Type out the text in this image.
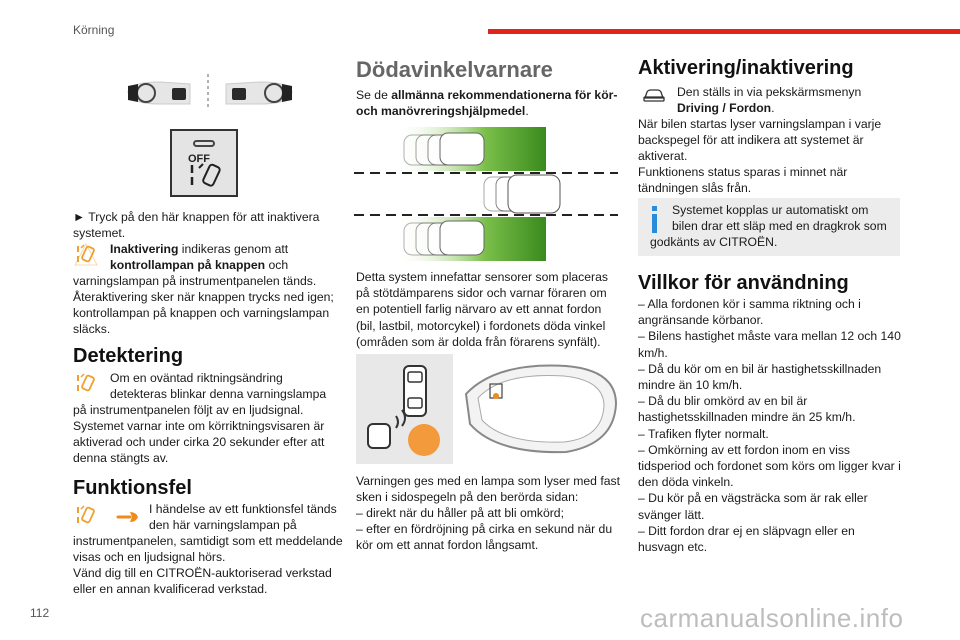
Körning
OFF

► Tryck på den här knappen för att inaktivera systemet.

Inaktivering indikeras genom att
kontrollampan på knappen och

varningslampan på instrumentpanelen tänds.

Återaktivering sker när knappen trycks ned igen; kontrollampan på knappen och varningslampan släcks.

Detektering

Om en oväntad riktningsändring

detekteras blinkar denna varningslampa

på instrumentpanelen följt av en ljudsignal.

Systemet varnar inte om körriktningsvisaren är aktiverad och under cirka 20 sekunder efter att denna stängts av.

Funktionsfel

I händelse av ett funktionsfel tänds

den här varningslampan på

instrumentpanelen, samtidigt som ett meddelande visas och en ljudsignal hörs.

Vänd dig till en CITROËN-auktoriserad verkstad eller en annan kvalificerad verkstad.

Dödavinkelvarnare
Se de allmänna rekommendationerna för kör- och manövreringshjälpmedel.

Detta system innefattar sensorer som placeras på stötdämparens sidor och varnar föraren om en potentiell farlig närvaro av ett annat fordon (bil, lastbil, motorcykel) i fordonets döda vinkel (områden som är dolda från förarens synfält).

Varningen ges med en lampa som lyser med fast sken i sidospegeln på den berörda sidan:

– direkt när du håller på att bli omkörd;

– efter en fördröjning på cirka en sekund när du kör om ett annat fordon långsamt.

Aktivering/inaktivering

Den ställs in via pekskärmsmenyn

Driving / Fordon.

När bilen startas lyser varningslampan i varje backspegel för att indikera att systemet är aktiverat.

Funktionens status sparas i minnet när tändningen slås från.

Systemet kopplas ur automatiskt om

bilen drar ett släp med en dragkrok som godkänts av CITROËN.

Villkor för användning

– Alla fordonen kör i samma riktning och i angränsande körbanor.

– Bilens hastighet måste vara mellan 12 och 140 km/h.

– Då du kör om en bil är hastighetsskillnaden mindre än 10 km/h.

– Då du blir omkörd av en bil är hastighetsskillnaden mindre än 25 km/h.

– Trafiken flyter normalt.

– Omkörning av ett fordon inom en viss tidsperiod och fordonet som körs om ligger kvar i den döda vinkeln.

– Du kör på en vägsträcka som är rak eller svänger lätt.

– Ditt fordon drar ej en släpvagn eller en husvagn etc.

112	carmanualsonline.info
